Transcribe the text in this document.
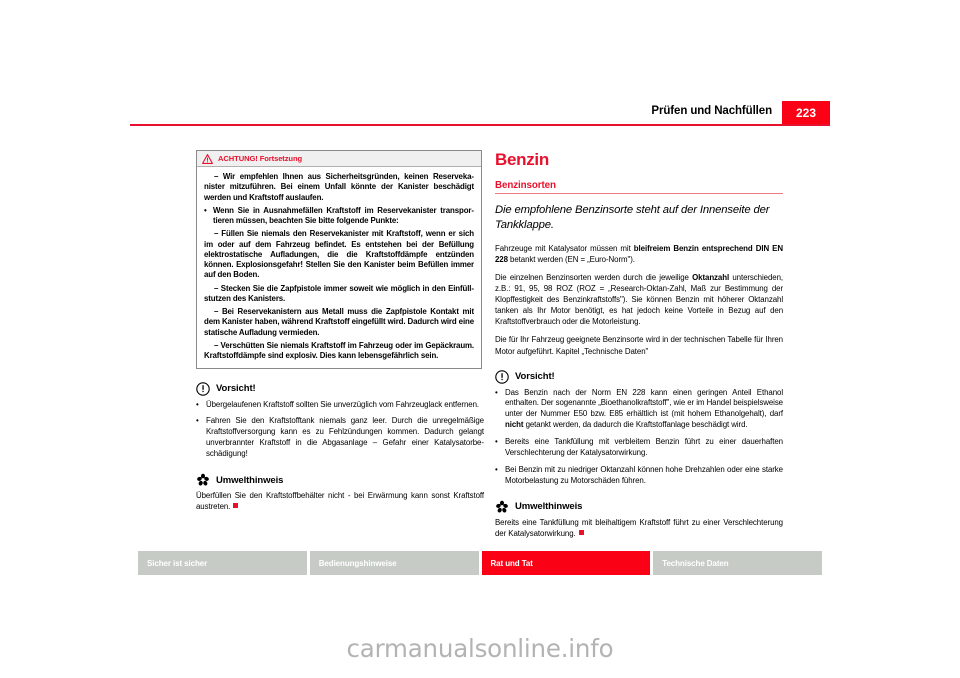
Prüfen und Nachfüllen	223
ACHTUNG! Fortsetzung

– Wir empfehlen Ihnen aus Sicherheitsgründen, keinen Reservekanister mitzuführen. Bei einem Unfall könnte der Kanister beschädigt werden und Kraftstoff auslaufen.

• Wenn Sie in Ausnahmefällen Kraftstoff im Reservekanister transportieren müssen, beachten Sie bitte folgende Punkte:

– Füllen Sie niemals den Reservekanister mit Kraftstoff, wenn er sich im oder auf dem Fahrzeug befindet. Es entstehen bei der Befüllung elektrostatische Aufladungen, die die Kraftstoffdämpfe entzünden können. Explosionsgefahr! Stellen Sie den Kanister beim Befüllen immer auf den Boden.

– Stecken Sie die Zapfpistole immer soweit wie möglich in den Einfüllstutzen des Kanisters.

– Bei Reservekanistern aus Metall muss die Zapfpistole Kontakt mit dem Kanister haben, während Kraftstoff eingefüllt wird. Dadurch wird eine statische Aufladung vermieden.

– Verschütten Sie niemals Kraftstoff im Fahrzeug oder im Gepäckraum. Kraftstoffdämpfe sind explosiv. Dies kann lebensgefährlich sein.

Vorsicht!

• Übergelaufenen Kraftstoff sollten Sie unverzüglich vom Fahrzeuglack entfernen.

• Fahren Sie den Kraftstofftank niemals ganz leer. Durch die unregelmäßige Kraftstoffversorgung kann es zu Fehlzündungen kommen. Dadurch gelangt unverbrannter Kraftstoff in die Abgasanlage – Gefahr einer Katalysatorbeschädigung!

Umwelthinweis

Überfüllen Sie den Kraftstoffbehälter nicht - bei Erwärmung kann sonst Kraftstoff austreten.

Benzin
Benzinsorten
Die empfohlene Benzinsorte steht auf der Innenseite der Tankklappe.

Fahrzeuge mit Katalysator müssen mit bleifreiem Benzin entsprechend DIN EN 228 betankt werden (EN = „Euro-Norm").

Die einzelnen Benzinsorten werden durch die jeweilige Oktanzahl unterschieden, z.B.: 91, 95, 98 ROZ (ROZ = „Research-Oktan-Zahl, Maß zur Bestimmung der Klopffestigkeit des Benzinkraftstoffs"). Sie können Benzin mit höherer Oktanzahl tanken als Ihr Motor benötigt, es hat jedoch keine Vorteile in Bezug auf den Kraftstoffverbrauch oder die Motorleistung.

Die für Ihr Fahrzeug geeignete Benzinsorte wird in der technischen Tabelle für Ihren Motor aufgeführt. Kapitel „Technische Daten"

Vorsicht!

• Das Benzin nach der Norm EN 228 kann einen geringen Anteil Ethanol enthalten. Der sogenannte „Bioethanolkraftstoff", wie er im Handel beispielsweise unter der Nummer E50 bzw. E85 erhältlich ist (mit hohem Ethanolgehalt), darf nicht getankt werden, da dadurch die Kraftstoffanlage beschädigt wird.

• Bereits eine Tankfüllung mit verbleitem Benzin führt zu einer dauerhaften Verschlechterung der Katalysatorwirkung.

• Bei Benzin mit zu niedriger Oktanzahl können hohe Drehzahlen oder eine starke Motorbelastung zu Motorschäden führen.

Umwelthinweis

Bereits eine Tankfüllung mit bleihaltigem Kraftstoff führt zu einer Verschlechterung der Katalysatorwirkung.

Sicher ist sicher	Bedienungshinweise	Rat und Tat	Technische Daten
carmanualsonline.info
